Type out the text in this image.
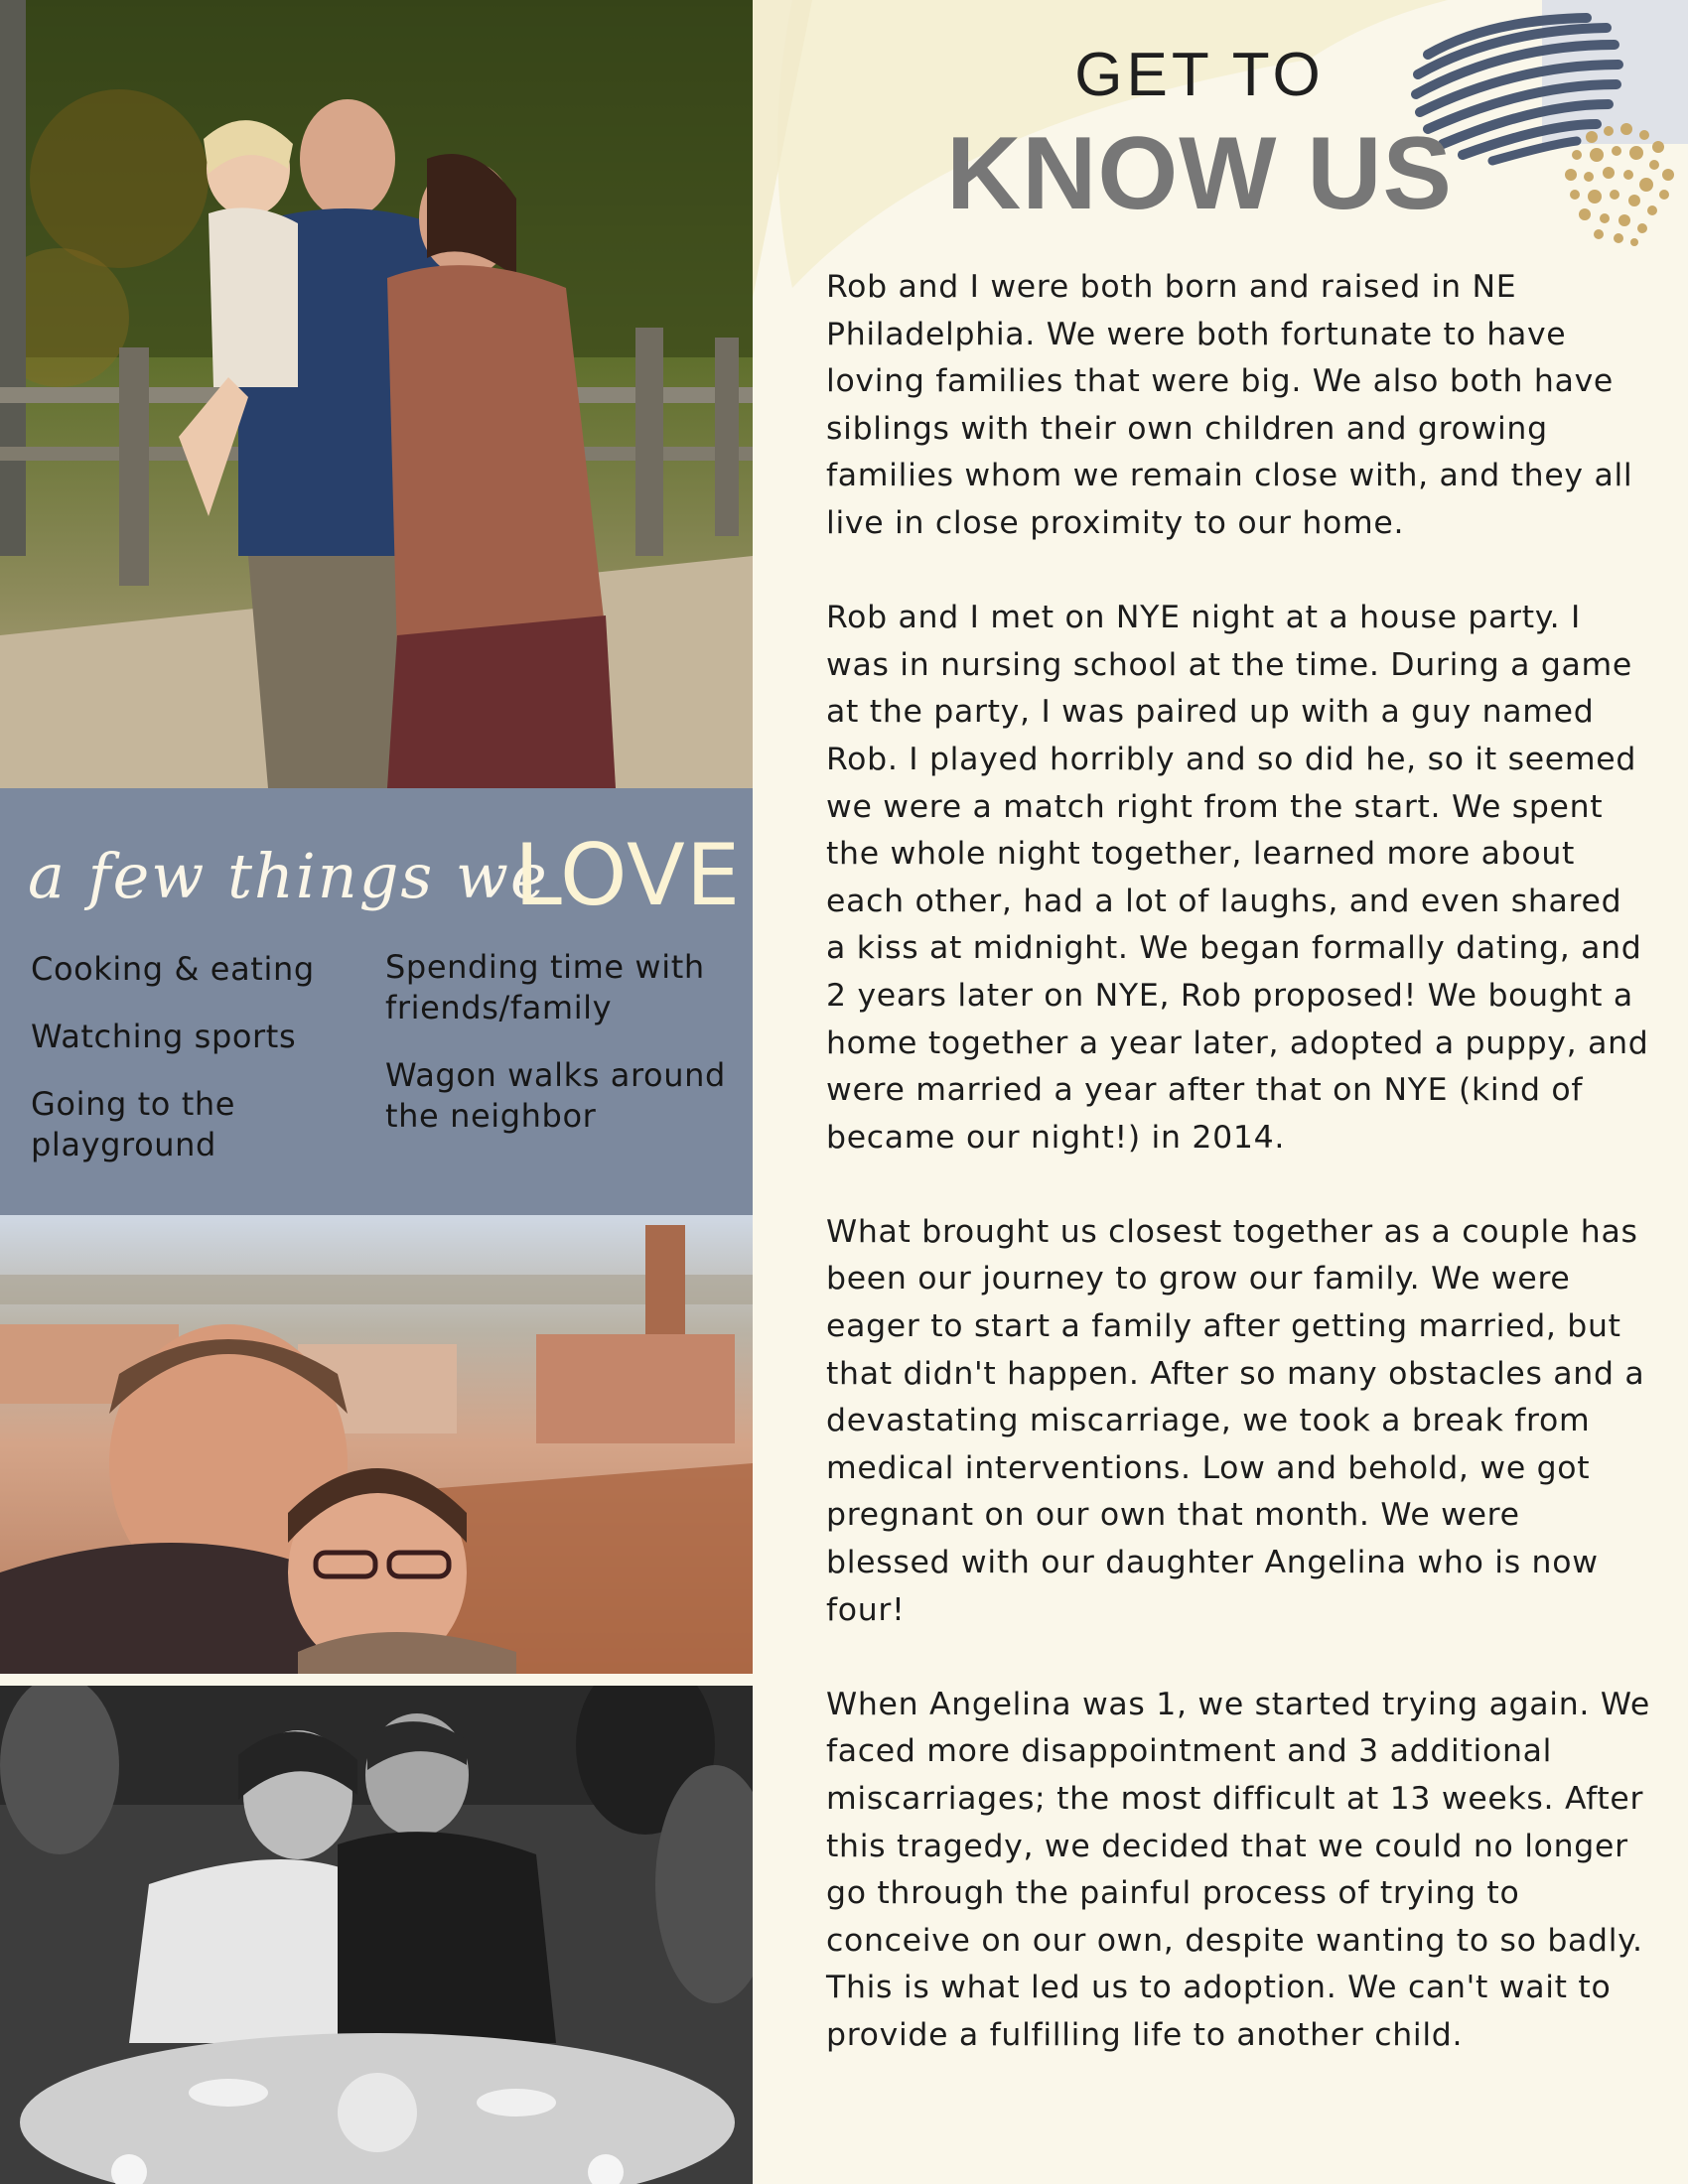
a few things we
LOVE
Cooking & eating
Watching sports
Going to the playground
Spending time with friends/family
Wagon walks around the neighbor
GET TO
KNOW US

Rob and I were both born and raised in NE Philadelphia. We were both fortunate to have loving families that were big. We also both have siblings with their own children and growing families whom we remain close with, and they all live in close proximity to our home.

Rob and I met on NYE night at a house party. I was in nursing school at the time. During a game at the party, I was paired up with a guy named Rob. I played horribly and so did he, so it seemed we were a match right from the start. We spent the whole night together, learned more about each other, had a lot of laughs, and even shared a kiss at midnight. We began formally dating, and 2 years later on NYE, Rob proposed! We bought a home together a year later, adopted a puppy, and were married a year after that on NYE (kind of became our night!) in 2014.

What brought us closest together as a couple has been our journey to grow our family. We were eager to start a family after getting married, but that didn't happen. After so many obstacles and a devastating miscarriage, we took a break from medical interventions. Low and behold, we got pregnant on our own that month. We were blessed with our daughter Angelina who is now four!

When Angelina was 1, we started trying again. We faced more disappointment and 3 additional miscarriages; the most difficult at 13 weeks. After this tragedy, we decided that we could no longer go through the painful process of trying to conceive on our own, despite wanting to so badly. This is what led us to adoption. We can't wait to provide a fulfilling life to another child.
